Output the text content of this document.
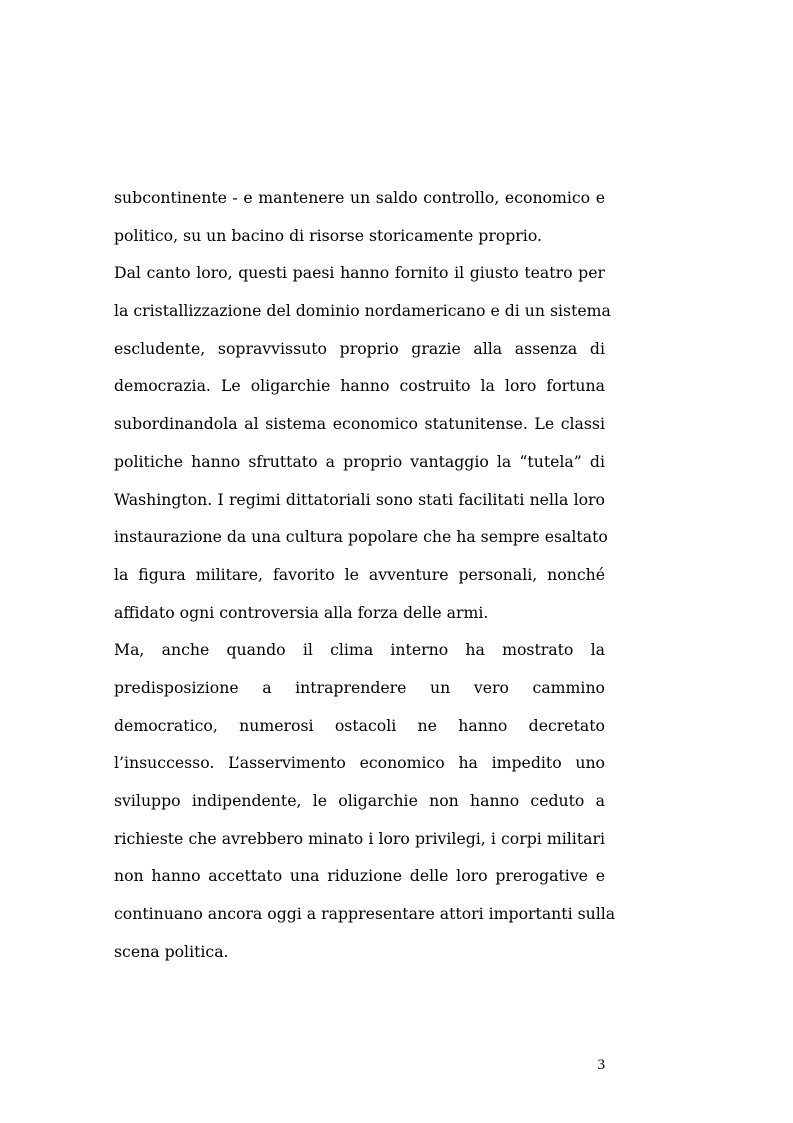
subcontinente - e mantenere un saldo controllo, economico e
politico, su un bacino di risorse storicamente proprio.
Dal canto loro, questi paesi hanno fornito il giusto teatro per
la cristallizzazione del dominio nordamericano e di un sistema
escludente, sopravvissuto proprio grazie alla assenza di
democrazia. Le oligarchie hanno costruito la loro fortuna
subordinandola al sistema economico statunitense. Le classi
politiche hanno sfruttato a proprio vantaggio la “tutela” di
Washington. I regimi dittatoriali sono stati facilitati nella loro
instaurazione da una cultura popolare che ha sempre esaltato
la figura militare, favorito le avventure personali, nonché
affidato ogni controversia alla forza delle armi.
Ma, anche quando il clima interno ha mostrato la
predisposizione a intraprendere un vero cammino
democratico, numerosi ostacoli ne hanno decretato
l’insuccesso. L’asservimento economico ha impedito uno
sviluppo indipendente, le oligarchie non hanno ceduto a
richieste che avrebbero minato i loro privilegi, i corpi militari
non hanno accettato una riduzione delle loro prerogative e
continuano ancora oggi a rappresentare attori importanti sulla
scena politica.
3
